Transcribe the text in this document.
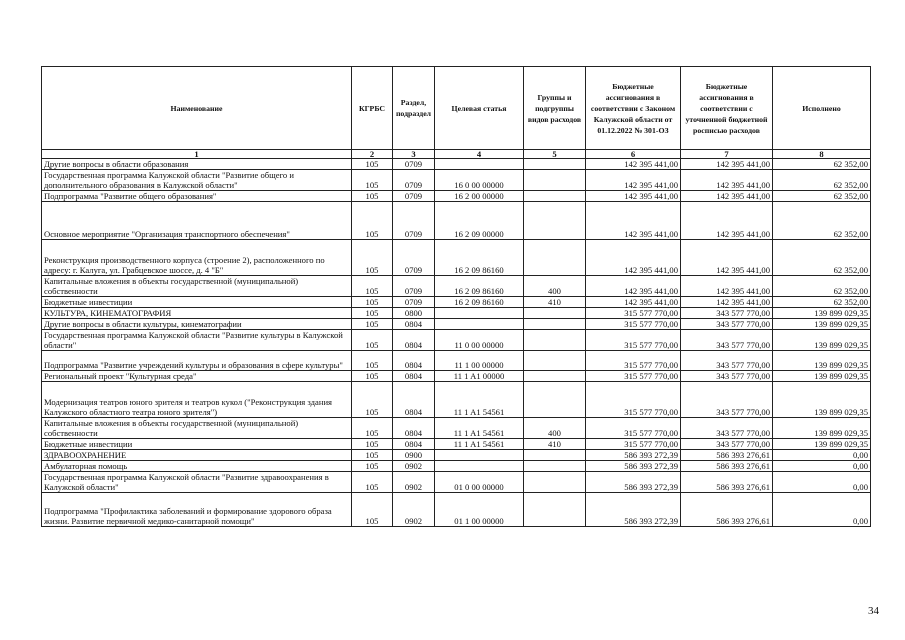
Наименование	КГРБС	Раздел, подраздел	Целевая статья	Группы и подгруппы видов расходов	Бюджетные ассигнования в соответствии с Законом Калужской области от 01.12.2022 № 301-ОЗ	Бюджетные ассигнования в соответствии с уточненной бюджетной росписью расходов	Исполнено
1	2	3	4	5	6	7	8
Другие вопросы в области образования	105	0709			142 395 441,00	142 395 441,00	62 352,00
Государственная программа Калужской области "Развитие общего и дополнительного образования в Калужской области"	105	0709	16 0 00 00000		142 395 441,00	142 395 441,00	62 352,00
Подпрограмма "Развитие общего образования"	105	0709	16 2 00 00000		142 395 441,00	142 395 441,00	62 352,00
Основное мероприятие "Организация транспортного обеспечения"	105	0709	16 2 09 00000		142 395 441,00	142 395 441,00	62 352,00
Реконструкция производственного корпуса (строение 2), расположенного по адресу: г. Калуга, ул. Грабцевское шоссе, д. 4 "Б"	105	0709	16 2 09 86160		142 395 441,00	142 395 441,00	62 352,00
Капитальные вложения в объекты государственной (муниципальной) собственности	105	0709	16 2 09 86160	400	142 395 441,00	142 395 441,00	62 352,00
Бюджетные инвестиции	105	0709	16 2 09 86160	410	142 395 441,00	142 395 441,00	62 352,00
КУЛЬТУРА, КИНЕМАТОГРАФИЯ	105	0800			315 577 770,00	343 577 770,00	139 899 029,35
Другие вопросы в области культуры, кинематографии	105	0804			315 577 770,00	343 577 770,00	139 899 029,35
Государственная программа Калужской области "Развитие культуры в Калужской области"	105	0804	11 0 00 00000		315 577 770,00	343 577 770,00	139 899 029,35
Подпрограмма "Развитие учреждений культуры и образования в сфере культуры"	105	0804	11 1 00 00000		315 577 770,00	343 577 770,00	139 899 029,35
Региональный проект "Культурная среда"	105	0804	11 1 A1 00000		315 577 770,00	343 577 770,00	139 899 029,35
Модернизация театров юного зрителя и театров кукол ("Реконструкция здания Калужского областного театра юного зрителя")	105	0804	11 1 A1 54561		315 577 770,00	343 577 770,00	139 899 029,35
Капитальные вложения в объекты государственной (муниципальной) собственности	105	0804	11 1 A1 54561	400	315 577 770,00	343 577 770,00	139 899 029,35
Бюджетные инвестиции	105	0804	11 1 A1 54561	410	315 577 770,00	343 577 770,00	139 899 029,35
ЗДРАВООХРАНЕНИЕ	105	0900			586 393 272,39	586 393 276,61	0,00
Амбулаторная помощь	105	0902			586 393 272,39	586 393 276,61	0,00
Государственная программа Калужской области "Развитие здравоохранения в Калужской области"	105	0902	01 0 00 00000		586 393 272,39	586 393 276,61	0,00
Подпрограмма "Профилактика заболеваний и формирование здорового образа жизни. Развитие первичной медико-санитарной помощи"	105	0902	01 1 00 00000		586 393 272,39	586 393 276,61	0,00
34
